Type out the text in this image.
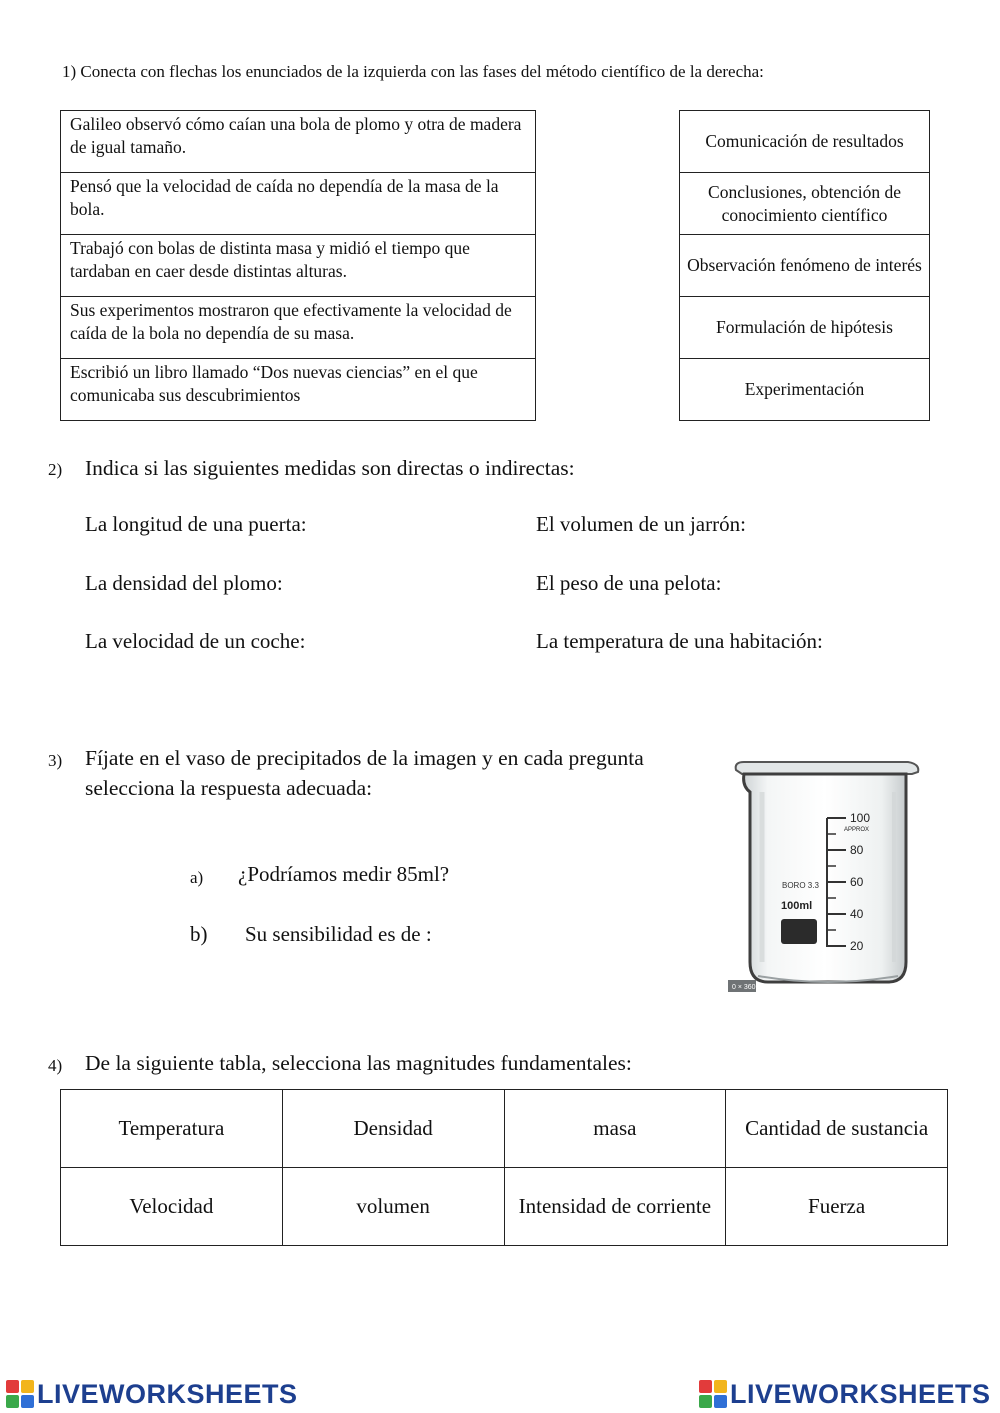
1) Conecta con flechas los enunciados de la izquierda con las fases del método científico de la derecha:
Galileo observó cómo caían una bola de plomo y otra de madera de igual tamaño.
Pensó que la velocidad de caída no dependía de la masa de la bola.
Trabajó con bolas de distinta masa y midió el tiempo que tardaban en caer desde distintas alturas.
Sus experimentos mostraron que efectivamente la velocidad de caída de la bola no dependía de su masa.
Escribió un libro llamado “Dos nuevas ciencias” en el que comunicaba sus descubrimientos
Comunicación de resultados
Conclusiones, obtención de conocimiento científico
Observación fenómeno de interés
Formulación de hipótesis
Experimentación
2) Indica si las siguientes medidas son directas o indirectas:
La longitud de una puerta:	El volumen de un jarrón:
La densidad del plomo:	El peso de una pelota:
La velocidad de un coche:	La temperatura de una habitación:
3) Fíjate en el vaso de precipitados de la imagen y en cada pregunta
selecciona la respuesta adecuada:
a) ¿Podríamos medir 85ml?
b) Su sensibilidad es de :
100
APPROX
80
60
40
20
BORO 3.3
100ml
0 × 360
4) De la siguiente tabla, selecciona las magnitudes fundamentales:
Temperatura	Densidad	masa	Cantidad de sustancia
Velocidad	volumen	Intensidad de corriente	Fuerza
LIVEWORKSHEETS	LIVEWORKSHEETS
